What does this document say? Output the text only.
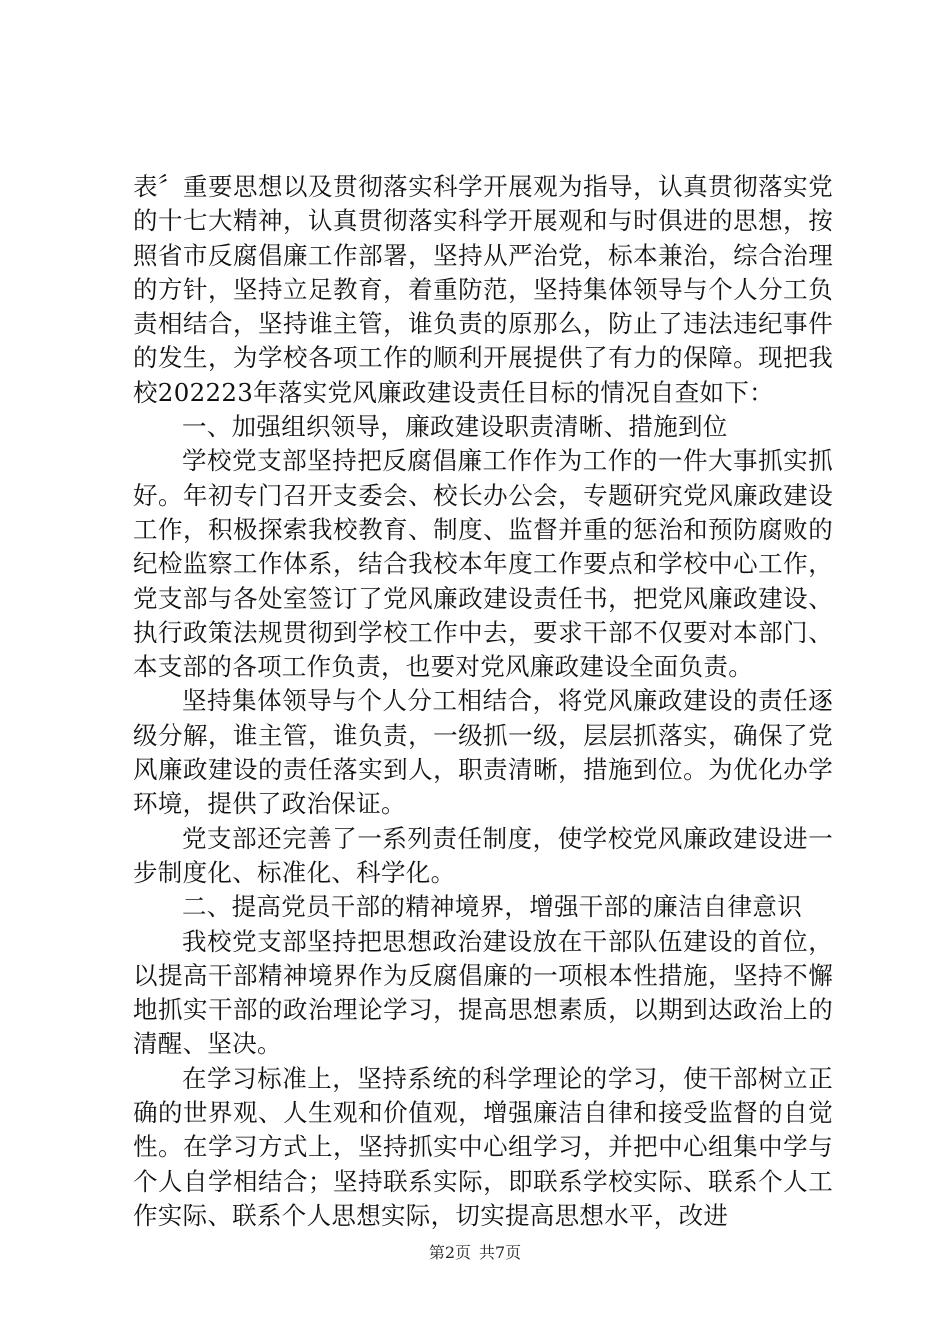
表〞重要思想以及贯彻落实科学开展观为指导，认真贯彻落实党的十七大精神，认真贯彻落实科学开展观和与时俱进的思想，按照省市反腐倡廉工作部署，坚持从严治党，标本兼治，综合治理的方针，坚持立足教育，着重防范，坚持集体领导与个人分工负责相结合，坚持谁主管，谁负责的原那么，防止了违法违纪事件的发生，为学校各项工作的顺利开展提供了有力的保障。现把我校202223年落实党风廉政建设责任目标的情况自查如下：

一、加强组织领导，廉政建设职责清晰、措施到位

学校党支部坚持把反腐倡廉工作作为工作的一件大事抓实抓好。年初专门召开支委会、校长办公会，专题研究党风廉政建设工作，积极探索我校教育、制度、监督并重的惩治和预防腐败的纪检监察工作体系，结合我校本年度工作要点和学校中心工作，党支部与各处室签订了党风廉政建设责任书，把党风廉政建设、执行政策法规贯彻到学校工作中去，要求干部不仅要对本部门、本支部的各项工作负责，也要对党风廉政建设全面负责。

坚持集体领导与个人分工相结合，将党风廉政建设的责任逐级分解，谁主管，谁负责，一级抓一级，层层抓落实，确保了党风廉政建设的责任落实到人，职责清晰，措施到位。为优化办学环境，提供了政治保证。

党支部还完善了一系列责任制度，使学校党风廉政建设进一步制度化、标准化、科学化。

二、提高党员干部的精神境界，增强干部的廉洁自律意识

我校党支部坚持把思想政治建设放在干部队伍建设的首位，以提高干部精神境界作为反腐倡廉的一项根本性措施，坚持不懈地抓实干部的政治理论学习，提高思想素质，以期到达政治上的清醒、坚决。

在学习标准上，坚持系统的科学理论的学习，使干部树立正确的世界观、人生观和价值观，增强廉洁自律和接受监督的自觉性。在学习方式上，坚持抓实中心组学习，并把中心组集中学与个人自学相结合；坚持联系实际，即联系学校实际、联系个人工作实际、联系个人思想实际，切实提高思想水平，改进

第2页 共7页
